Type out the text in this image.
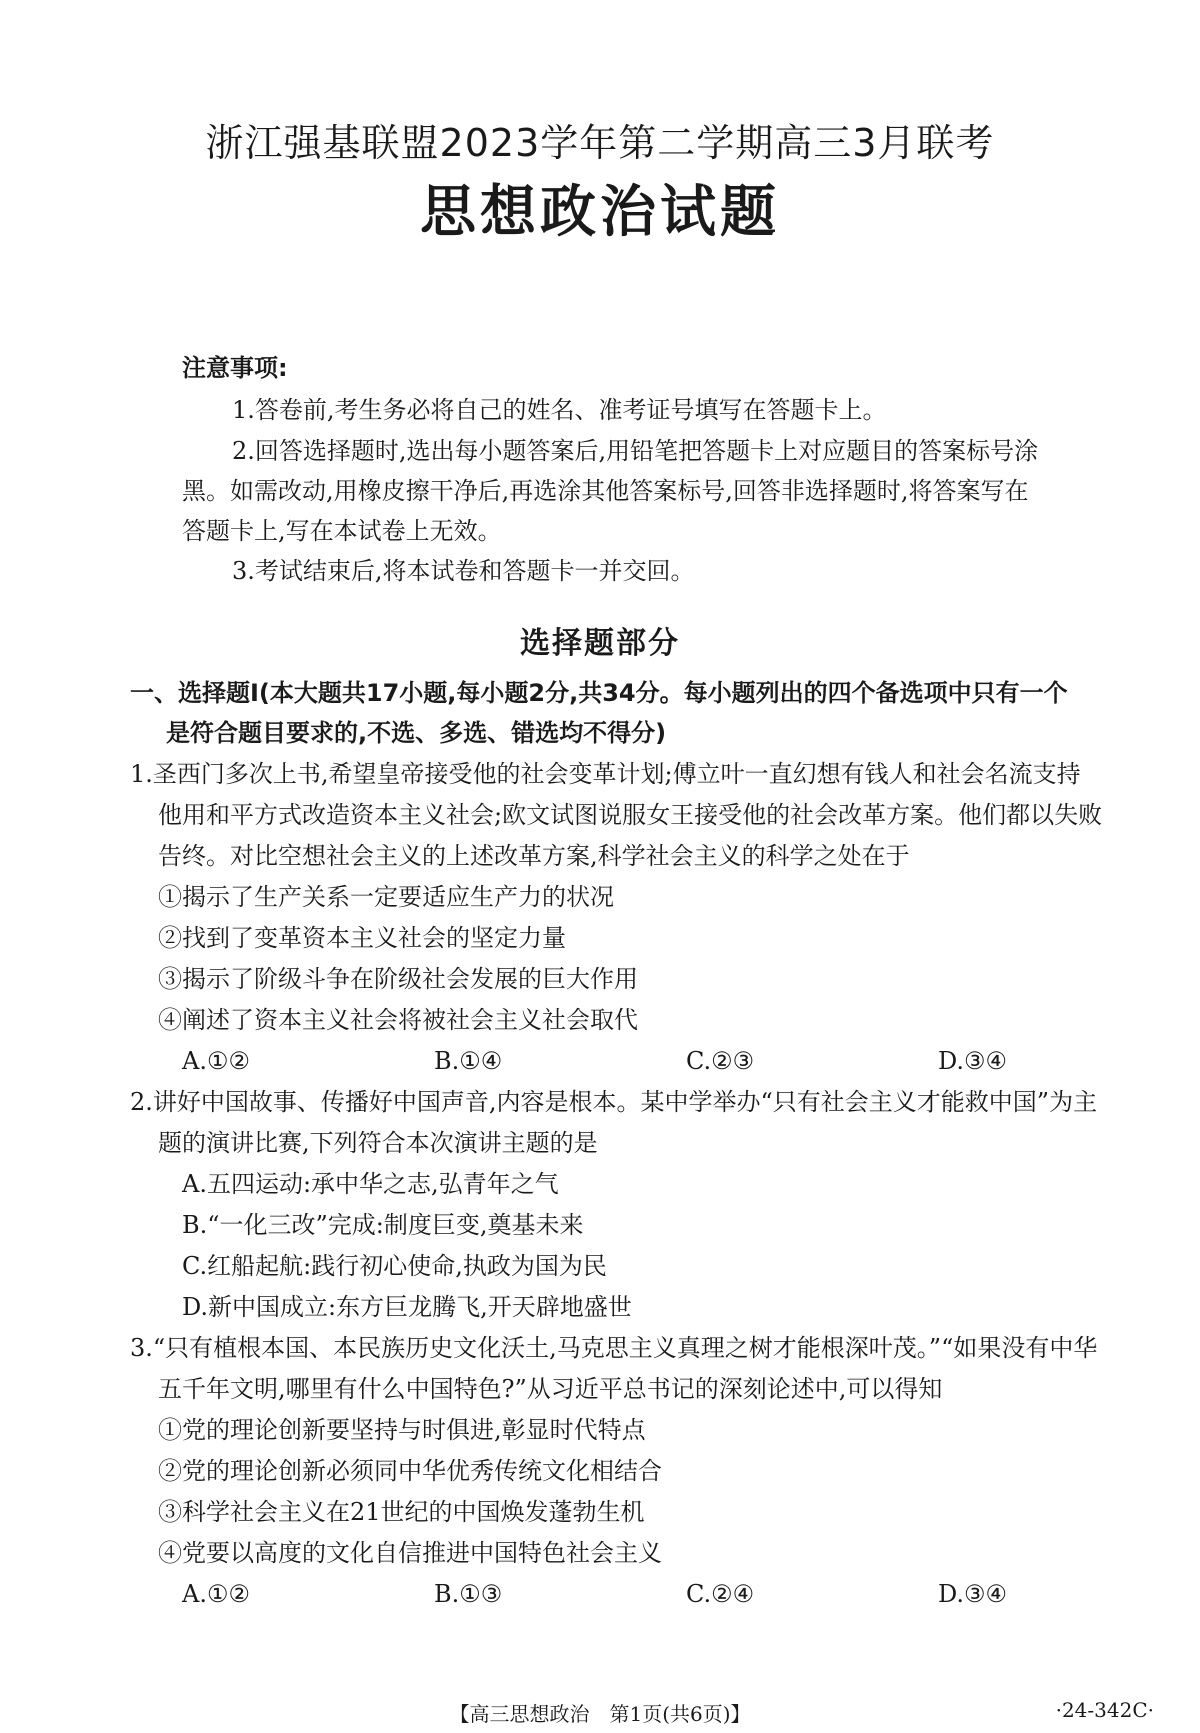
浙江强基联盟2023学年第二学期高三3月联考
思想政治试题
注意事项:
1.答卷前,考生务必将自己的姓名、准考证号填写在答题卡上。
2.回答选择题时,选出每小题答案后,用铅笔把答题卡上对应题目的答案标号涂
黑。如需改动,用橡皮擦干净后,再选涂其他答案标号,回答非选择题时,将答案写在
答题卡上,写在本试卷上无效。
3.考试结束后,将本试卷和答题卡一并交回。
选择题部分
一、选择题Ⅰ(本大题共17小题,每小题2分,共34分。每小题列出的四个备选项中只有一个
是符合题目要求的,不选、多选、错选均不得分)
1.圣西门多次上书,希望皇帝接受他的社会变革计划;傅立叶一直幻想有钱人和社会名流支持
他用和平方式改造资本主义社会;欧文试图说服女王接受他的社会改革方案。他们都以失败
告终。对比空想社会主义的上述改革方案,科学社会主义的科学之处在于
①揭示了生产关系一定要适应生产力的状况
②找到了变革资本主义社会的坚定力量
③揭示了阶级斗争在阶级社会发展的巨大作用
④阐述了资本主义社会将被社会主义社会取代
A.①②	B.①④	C.②③	D.③④
2.讲好中国故事、传播好中国声音,内容是根本。某中学举办“只有社会主义才能救中国”为主
题的演讲比赛,下列符合本次演讲主题的是
A.五四运动:承中华之志,弘青年之气
B.“一化三改”完成:制度巨变,奠基未来
C.红船起航:践行初心使命,执政为国为民
D.新中国成立:东方巨龙腾飞,开天辟地盛世
3.“只有植根本国、本民族历史文化沃土,马克思主义真理之树才能根深叶茂。”“如果没有中华
五千年文明,哪里有什么中国特色?”从习近平总书记的深刻论述中,可以得知
①党的理论创新要坚持与时俱进,彰显时代特点
②党的理论创新必须同中华优秀传统文化相结合
③科学社会主义在21世纪的中国焕发蓬勃生机
④党要以高度的文化自信推进中国特色社会主义
A.①②	B.①③	C.②④	D.③④
【高三思想政治　第1页(共6页)】	·24-342C·
